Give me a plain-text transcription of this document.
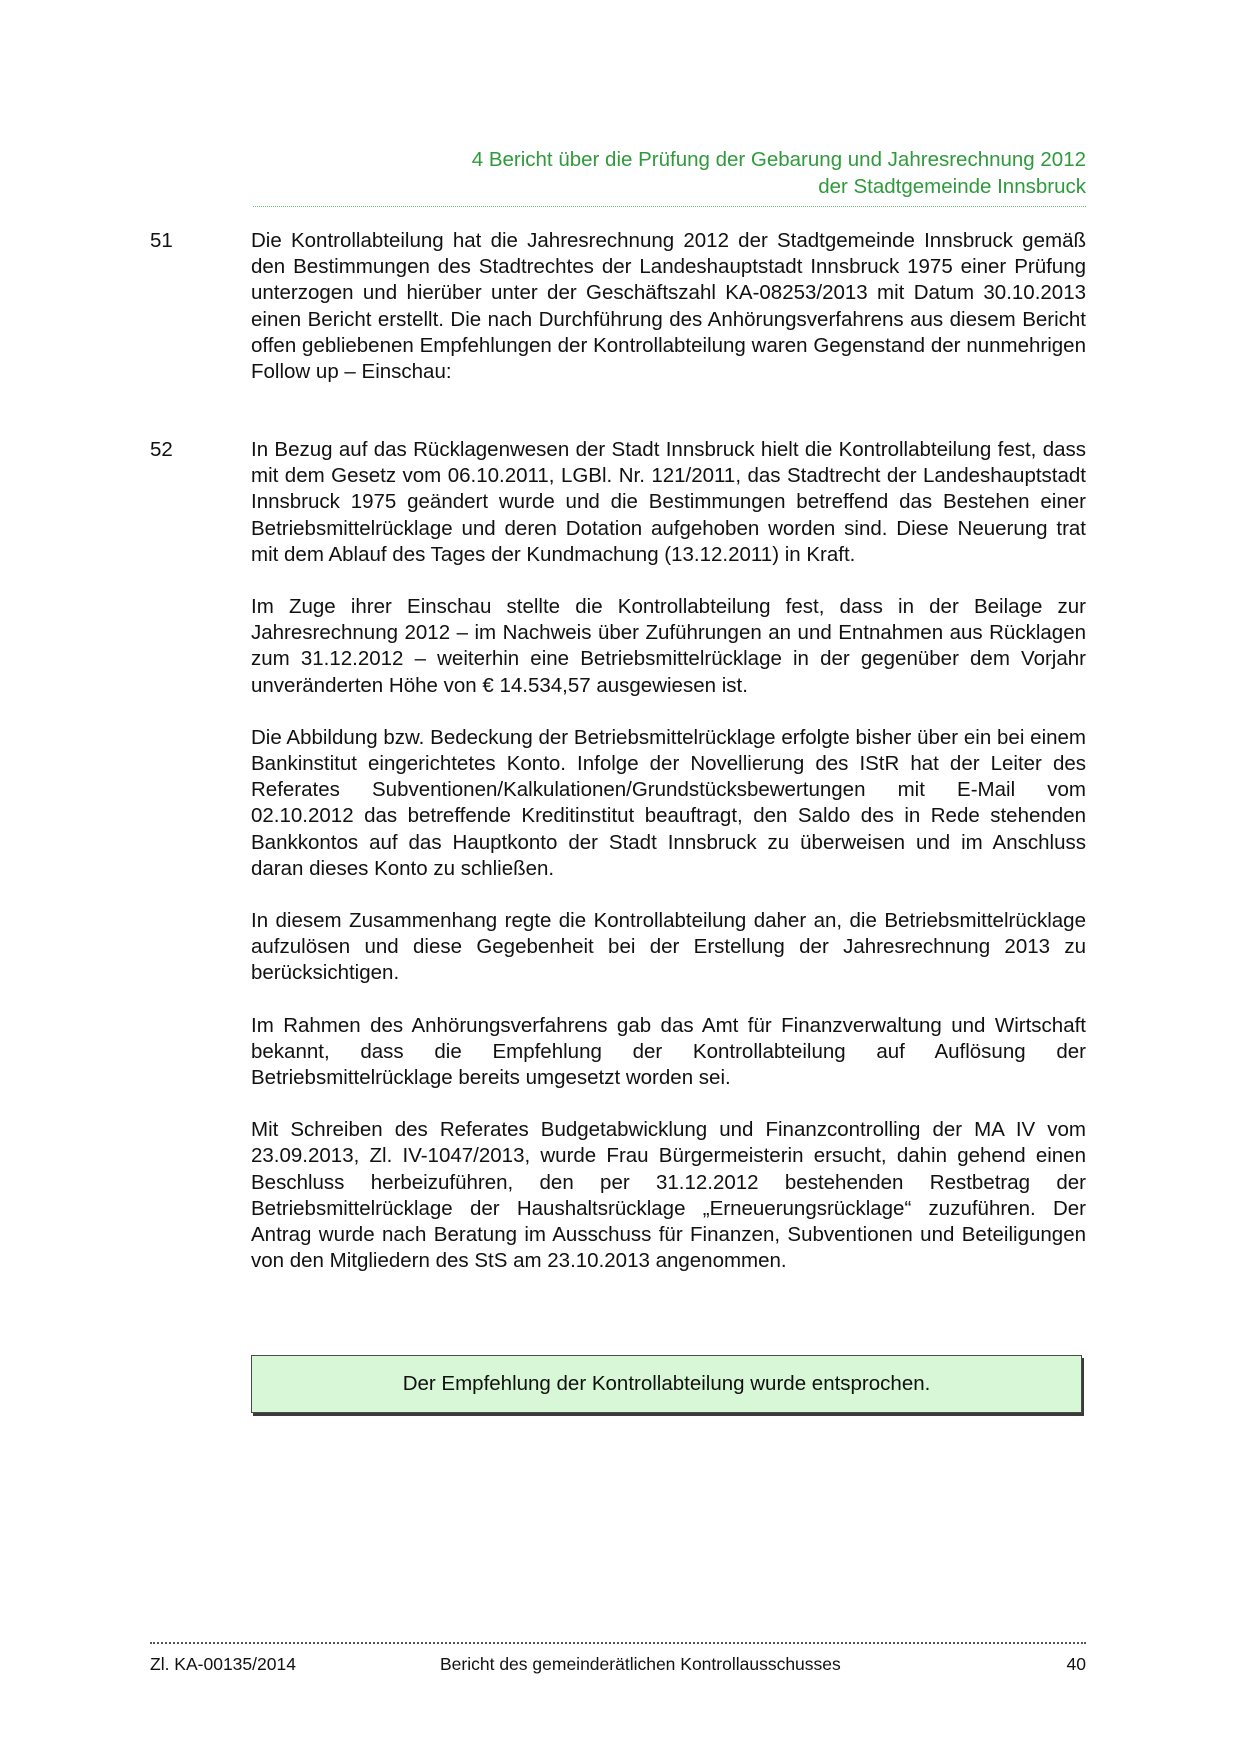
4 Bericht über die Prüfung der Gebarung und Jahresrechnung 2012
der Stadtgemeinde Innsbruck
51	Die Kontrollabteilung hat die Jahresrechnung 2012 der Stadtgemeinde Innsbruck gemäß den Bestimmungen des Stadtrechtes der Landeshauptstadt Innsbruck 1975 einer Prüfung unterzogen und hierüber unter der Geschäftszahl KA-08253/2013 mit Datum 30.10.2013 einen Bericht erstellt. Die nach Durchführung des Anhörungsverfahrens aus diesem Bericht offen gebliebenen Empfehlungen der Kontrollabteilung waren Gegenstand der nunmehrigen Follow up – Einschau:

52	In Bezug auf das Rücklagenwesen der Stadt Innsbruck hielt die Kontrollabteilung fest, dass mit dem Gesetz vom 06.10.2011, LGBl. Nr. 121/2011, das Stadtrecht der Landeshauptstadt Innsbruck 1975 geändert wurde und die Bestimmungen betreffend das Bestehen einer Betriebsmittelrücklage und deren Dotation aufgehoben worden sind. Diese Neuerung trat mit dem Ablauf des Tages der Kundmachung (13.12.2011) in Kraft.

Im Zuge ihrer Einschau stellte die Kontrollabteilung fest, dass in der Beilage zur Jahresrechnung 2012 – im Nachweis über Zuführungen an und Entnahmen aus Rücklagen zum 31.12.2012 – weiterhin eine Betriebsmittelrücklage in der gegenüber dem Vorjahr unveränderten Höhe von € 14.534,57 ausgewiesen ist.

Die Abbildung bzw. Bedeckung der Betriebsmittelrücklage erfolgte bisher über ein bei einem Bankinstitut eingerichtetes Konto. Infolge der Novellierung des IStR hat der Leiter des Referates Subventionen/Kalkulationen/Grundstücksbewertungen mit E-Mail vom 02.10.2012 das betreffende Kreditinstitut beauftragt, den Saldo des in Rede stehenden Bankkontos auf das Hauptkonto der Stadt Innsbruck zu überweisen und im Anschluss daran dieses Konto zu schließen.

In diesem Zusammenhang regte die Kontrollabteilung daher an, die Betriebsmittelrücklage aufzulösen und diese Gegebenheit bei der Erstellung der Jahresrechnung 2013 zu berücksichtigen.

Im Rahmen des Anhörungsverfahrens gab das Amt für Finanzverwaltung und Wirtschaft bekannt, dass die Empfehlung der Kontrollabteilung auf Auflösung der Betriebsmittelrücklage bereits umgesetzt worden sei.

Mit Schreiben des Referates Budgetabwicklung und Finanzcontrolling der MA IV vom 23.09.2013, Zl. IV-1047/2013, wurde Frau Bürgermeisterin ersucht, dahin gehend einen Beschluss herbeizuführen, den per 31.12.2012 bestehenden Restbetrag der Betriebsmittelrücklage der Haushaltsrücklage „Erneuerungsrücklage“ zuzuführen. Der Antrag wurde nach Beratung im Ausschuss für Finanzen, Subventionen und Beteiligungen von den Mitgliedern des StS am 23.10.2013 angenommen.

Der Empfehlung der Kontrollabteilung wurde entsprochen.
Zl. KA-00135/2014	Bericht des gemeinderätlichen Kontrollausschusses	40
